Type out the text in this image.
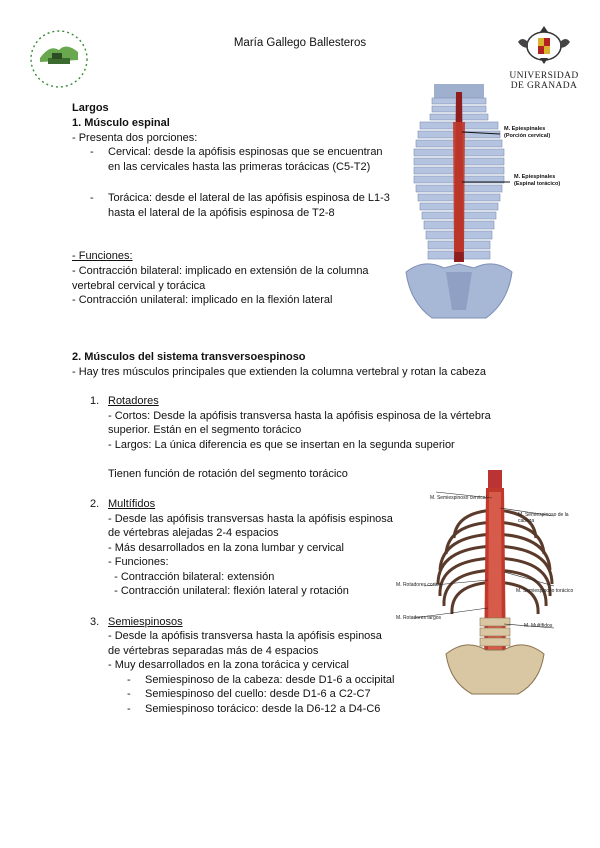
María Gallego Ballesteros
UNIVERSIDAD
DE GRANADA
Largos
1. Músculo espinal
- Presenta dos porciones:
- Cervical: desde la apófisis espinosas que se encuentran
en las cervicales hasta las primeras torácicas (C5-T2)
- Torácica: desde el lateral de las apófisis espinosa de L1-3
hasta el lateral de la apófisis espinosa de T2-8
- Funciones:
- Contracción bilateral: implicado en extensión de la columna
vertebral cervical y torácica
- Contracción unilateral: implicado en la flexión lateral
M. Epiespinales
(Porción cervical)
M. Epiespinales
(Espinal torácico)
2. Músculos del sistema transversoespinoso
- Hay tres músculos principales que extienden la columna vertebral y rotan la cabeza
1. Rotadores
- Cortos: Desde la apófisis transversa hasta la apófisis espinosa de la vértebra
superior. Están en el segmento torácico
- Largos: La única diferencia es que se insertan en la segunda superior
Tienen función de rotación del segmento torácico
2. Multífidos
- Desde las apófisis transversas hasta la apófisis espinosa
de vértebras alejadas 2-4 espacios
- Más desarrollados en la zona lumbar y cervical
- Funciones:
- Contracción bilateral: extensión
- Contracción unilateral: flexión lateral y rotación
3. Semiespinosos
- Desde la apófisis transversa hasta la apófisis espinosa
de vértebras separadas más de 4 espacios
- Muy desarrollados en la zona torácica y cervical
- Semiespinoso de la cabeza: desde D1-6 a occipital
- Semiespinoso del cuello: desde D1-6 a C2-C7
- Semiespinoso torácico: desde la D6-12 a D4-C6
M. Semiespinoso cervical
M. Semiespinoso de la cabeza
M. Semiespinoso torácico
M. Rotadores cortos
M. Rotadores largos
M. Multífidos
